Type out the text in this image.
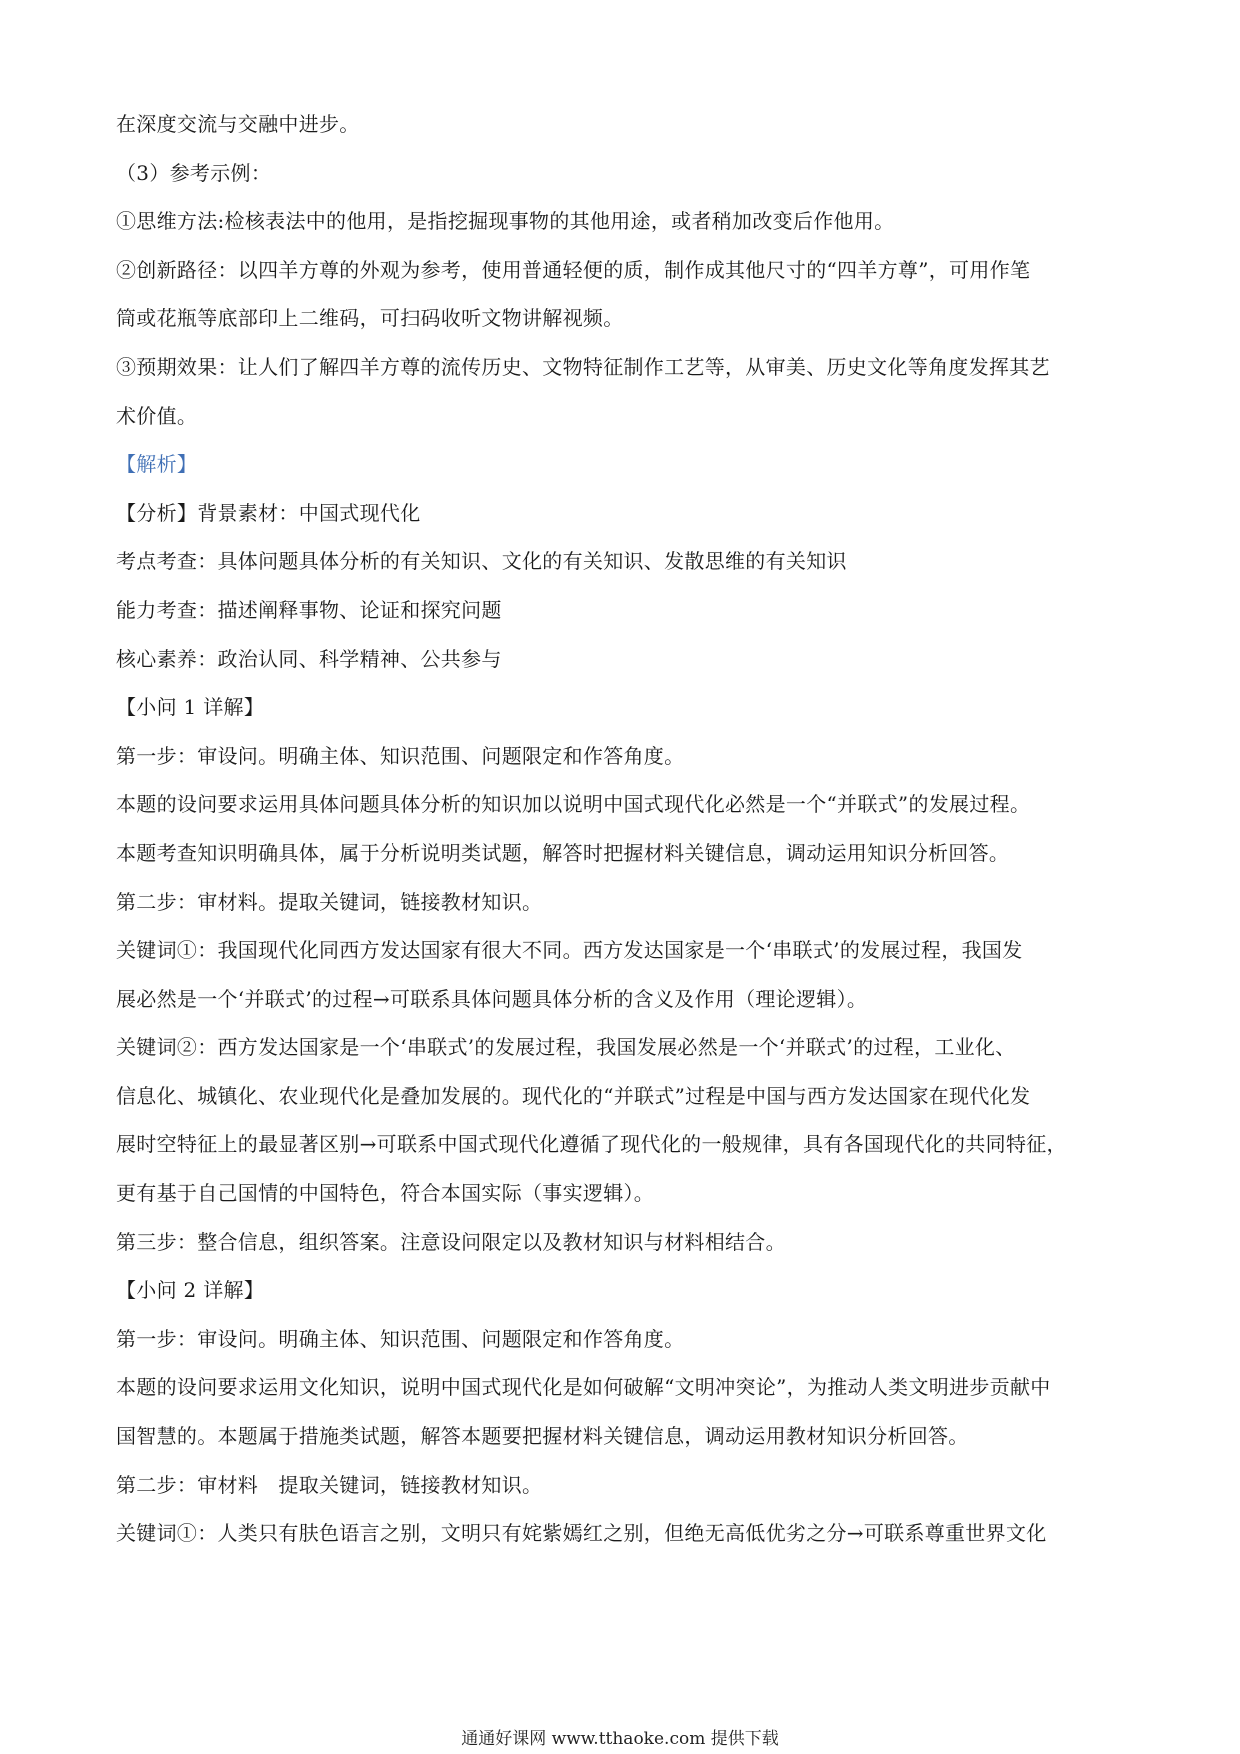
在深度交流与交融中进步。
（3）参考示例：
①思维方法:检核表法中的他用，是指挖掘现事物的其他用途，或者稍加改变后作他用。
②创新路径：以四羊方尊的外观为参考，使用普通轻便的质，制作成其他尺寸的“四羊方尊”，可用作笔
筒或花瓶等底部印上二维码，可扫码收听文物讲解视频。
③预期效果：让人们了解四羊方尊的流传历史、文物特征制作工艺等，从审美、历史文化等角度发挥其艺
术价值。
【解析】
【分析】背景素材：中国式现代化
考点考查：具体问题具体分析的有关知识、文化的有关知识、发散思维的有关知识
能力考查：描述阐释事物、论证和探究问题
核心素养：政治认同、科学精神、公共参与
【小问 1 详解】
第一步：审设问。明确主体、知识范围、问题限定和作答角度。
本题的设问要求运用具体问题具体分析的知识加以说明中国式现代化必然是一个“并联式”的发展过程。
本题考查知识明确具体，属于分析说明类试题，解答时把握材料关键信息，调动运用知识分析回答。
第二步：审材料。提取关键词，链接教材知识。
关键词①：我国现代化同西方发达国家有很大不同。西方发达国家是一个‘串联式’的发展过程，我国发
展必然是一个‘并联式’的过程→可联系具体问题具体分析的含义及作用（理论逻辑）。
关键词②：西方发达国家是一个‘串联式’的发展过程，我国发展必然是一个‘并联式’的过程，工业化、
信息化、城镇化、农业现代化是叠加发展的。现代化的“并联式”过程是中国与西方发达国家在现代化发
展时空特征上的最显著区别→可联系中国式现代化遵循了现代化的一般规律，具有各国现代化的共同特征，
更有基于自己国情的中国特色，符合本国实际（事实逻辑）。
第三步：整合信息，组织答案。注意设问限定以及教材知识与材料相结合。
【小问 2 详解】
第一步：审设问。明确主体、知识范围、问题限定和作答角度。
本题的设问要求运用文化知识，说明中国式现代化是如何破解“文明冲突论”，为推动人类文明进步贡献中
国智慧的。本题属于措施类试题，解答本题要把握材料关键信息，调动运用教材知识分析回答。
第二步：审材料　提取关键词，链接教材知识。
关键词①：人类只有肤色语言之别，文明只有姹紫嫣红之别，但绝无高低优劣之分→可联系尊重世界文化
通通好课网 www.tthaoke.com 提供下载
